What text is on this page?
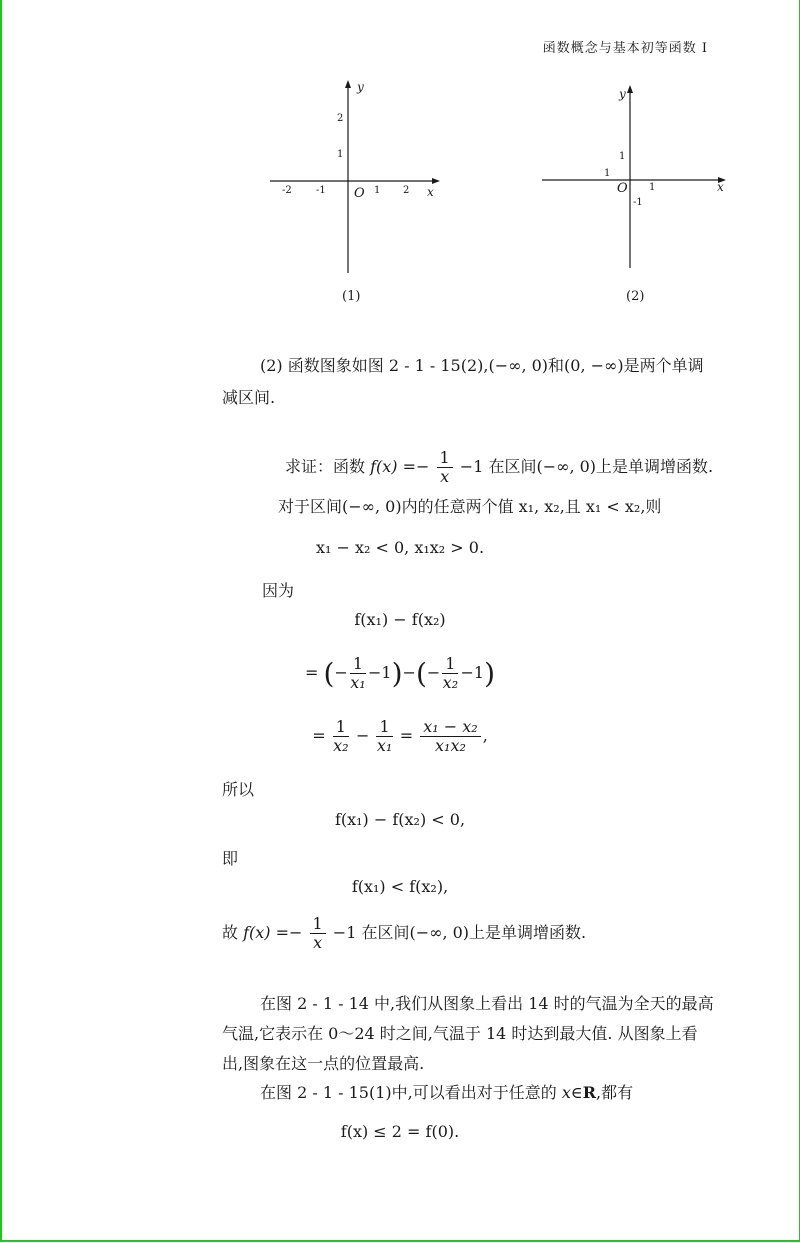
函数概念与基本初等函数 I
y
x
O
-2 -1	1 2
1
2
(1)
y
x
O 1
1
-1
1
(2)
(2) 函数图象如图 2 - 1 - 15(2),(−∞, 0)和(0, −∞)是两个单调
减区间.
求证：函数 $f(x) =- \frac{1}{x} -1$ 在区间(−∞, 0)上是单调增函数.
对于区间(−∞, 0)内的任意两个值 x₁, x₂,且 x₁ < x₂,则
x₁ − x₂ < 0, x₁x₂ > 0.
因为
f(x₁) − f(x₂)
= (− $\frac{1}{\text{x₁}} -1)-(- \frac{1}{\text{x₂}} -1)$
= $\frac{1}{\text{x₂}} - \frac{1}{\text{x₁}} = \frac{\text{x₁ − x₂}}{\text{x₁x₂}}$ ,
所以
f(x₁) − f(x₂) < 0,
即
f(x₁) < f(x₂),
故 $f(x) =- \frac{1}{x} -1$ 在区间(−∞, 0)上是单调增函数.
在图 2 - 1 - 14 中,我们从图象上看出 14 时的气温为全天的最高
气温,它表示在 0～24 时之间,气温于 14 时达到最大值. 从图象上看
出,图象在这一点的位置最高.
在图 2 - 1 - 15(1)中,可以看出对于任意的 x∈R,都有
f(x) ≤ 2 = f(0).
